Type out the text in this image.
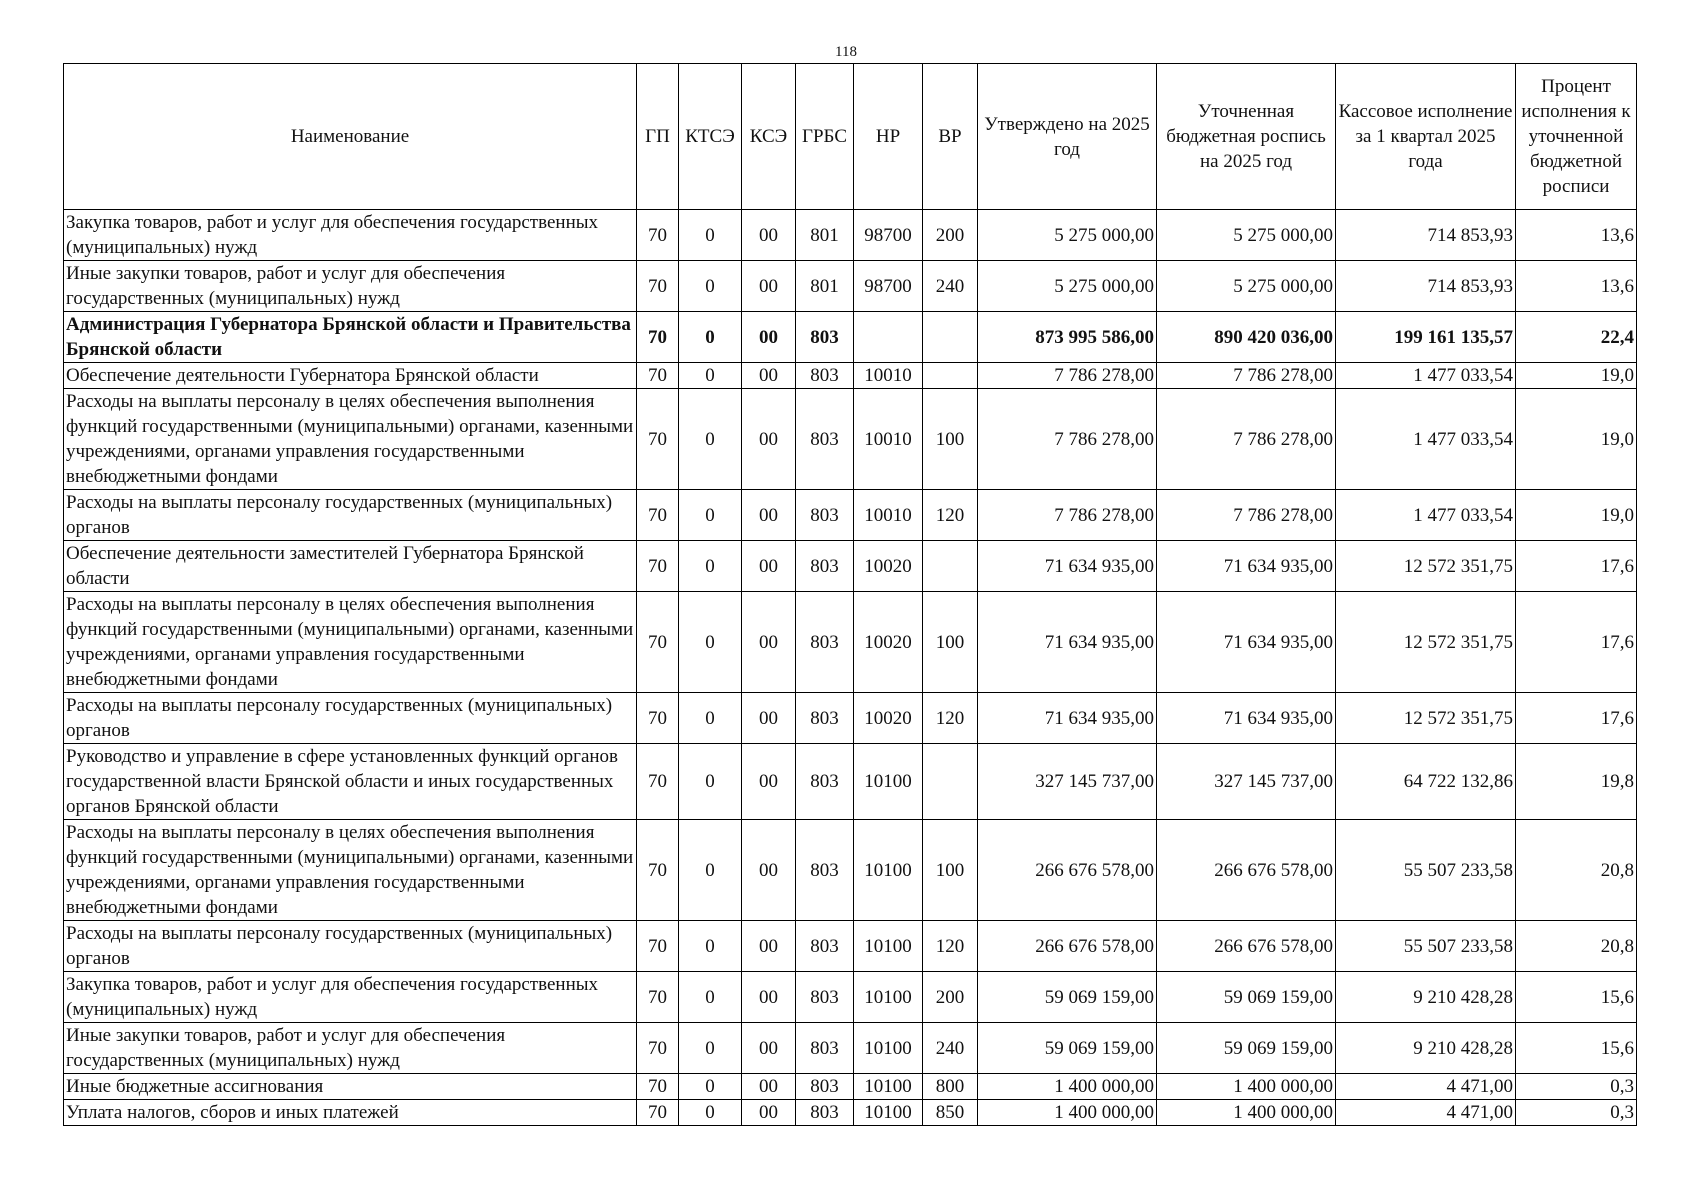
118
Наименование	ГП	КТСЭ	КСЭ	ГРБС	НР	ВР	Утверждено на 2025 год	Уточненная бюджетная роспись на 2025 год	Кассовое исполнение за 1 квартал 2025 года	Процент исполнения к уточненной бюджетной росписи
Закупка товаров, работ и услуг для обеспечения государственных (муниципальных) нужд	70	0	00	801	98700	200	5 275 000,00	5 275 000,00	714 853,93	13,6
Иные закупки товаров, работ и услуг для обеспечения государственных (муниципальных) нужд	70	0	00	801	98700	240	5 275 000,00	5 275 000,00	714 853,93	13,6
Администрация Губернатора Брянской области и Правительства Брянской области	70	0	00	803			873 995 586,00	890 420 036,00	199 161 135,57	22,4
Обеспечение деятельности Губернатора Брянской области	70	0	00	803	10010		7 786 278,00	7 786 278,00	1 477 033,54	19,0
Расходы на выплаты персоналу в целях обеспечения выполнения функций государственными (муниципальными) органами, казенными учреждениями, органами управления государственными внебюджетными фондами	70	0	00	803	10010	100	7 786 278,00	7 786 278,00	1 477 033,54	19,0
Расходы на выплаты персоналу государственных (муниципальных) органов	70	0	00	803	10010	120	7 786 278,00	7 786 278,00	1 477 033,54	19,0
Обеспечение деятельности заместителей Губернатора Брянской области	70	0	00	803	10020		71 634 935,00	71 634 935,00	12 572 351,75	17,6
Расходы на выплаты персоналу в целях обеспечения выполнения функций государственными (муниципальными) органами, казенными учреждениями, органами управления государственными внебюджетными фондами	70	0	00	803	10020	100	71 634 935,00	71 634 935,00	12 572 351,75	17,6
Расходы на выплаты персоналу государственных (муниципальных) органов	70	0	00	803	10020	120	71 634 935,00	71 634 935,00	12 572 351,75	17,6
Руководство и управление в сфере установленных функций органов государственной власти Брянской области и иных государственных органов Брянской области	70	0	00	803	10100		327 145 737,00	327 145 737,00	64 722 132,86	19,8
Расходы на выплаты персоналу в целях обеспечения выполнения функций государственными (муниципальными) органами, казенными учреждениями, органами управления государственными внебюджетными фондами	70	0	00	803	10100	100	266 676 578,00	266 676 578,00	55 507 233,58	20,8
Расходы на выплаты персоналу государственных (муниципальных) органов	70	0	00	803	10100	120	266 676 578,00	266 676 578,00	55 507 233,58	20,8
Закупка товаров, работ и услуг для обеспечения государственных (муниципальных) нужд	70	0	00	803	10100	200	59 069 159,00	59 069 159,00	9 210 428,28	15,6
Иные закупки товаров, работ и услуг для обеспечения государственных (муниципальных) нужд	70	0	00	803	10100	240	59 069 159,00	59 069 159,00	9 210 428,28	15,6
Иные бюджетные ассигнования	70	0	00	803	10100	800	1 400 000,00	1 400 000,00	4 471,00	0,3
Уплата налогов, сборов и иных платежей	70	0	00	803	10100	850	1 400 000,00	1 400 000,00	4 471,00	0,3
